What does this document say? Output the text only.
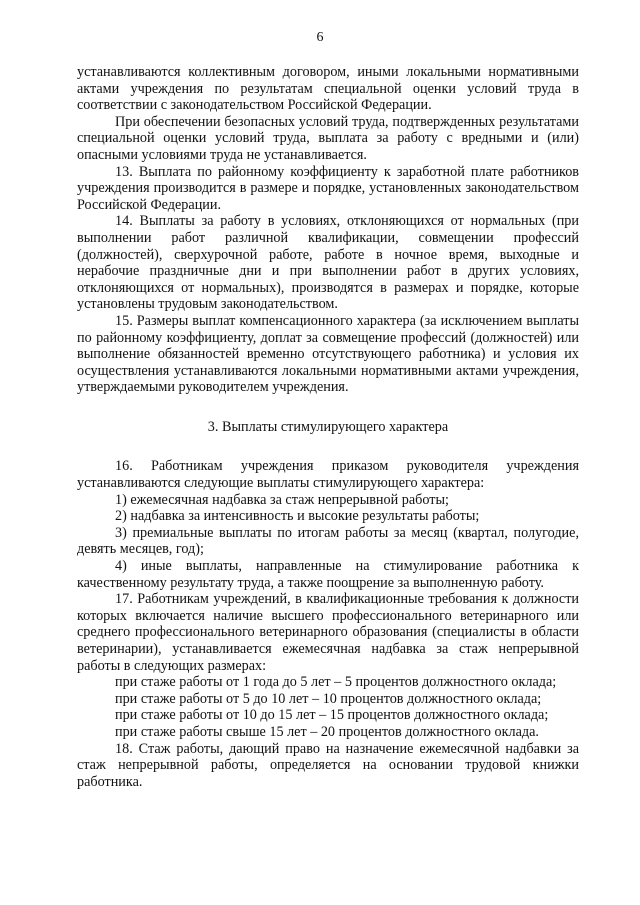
6

устанавливаются коллективным договором, иными локальными нормативными актами учреждения по результатам специальной оценки условий труда в соответствии с законодательством Российской Федерации.

При обеспечении безопасных условий труда, подтвержденных результатами специальной оценки условий труда, выплата за работу с вредными и (или) опасными условиями труда не устанавливается.

13. Выплата по районному коэффициенту к заработной плате работников учреждения производится в размере и порядке, установленных законодательством Российской Федерации.

14. Выплаты за работу в условиях, отклоняющихся от нормальных (при выполнении работ различной квалификации, совмещении профессий (должностей), сверхурочной работе, работе в ночное время, выходные и нерабочие праздничные дни и при выполнении работ в других условиях, отклоняющихся от нормальных), производятся в размерах и порядке, которые установлены трудовым законодательством.

15. Размеры выплат компенсационного характера (за исключением выплаты по районному коэффициенту, доплат за совмещение профессий (должностей) или выполнение обязанностей временно отсутствующего работника) и условия их осуществления устанавливаются локальными нормативными актами учреждения, утверждаемыми руководителем учреждения.

3. Выплаты стимулирующего характера

16. Работникам учреждения приказом руководителя учреждения устанавливаются следующие выплаты стимулирующего характера:

1) ежемесячная надбавка за стаж непрерывной работы;

2) надбавка за интенсивность и высокие результаты работы;

3) премиальные выплаты по итогам работы за месяц (квартал, полугодие, девять месяцев, год);

4) иные выплаты, направленные на стимулирование работника к качественному результату труда, а также поощрение за выполненную работу.

17. Работникам учреждений, в квалификационные требования к должности которых включается наличие высшего профессионального ветеринарного или среднего профессионального ветеринарного образования (специалисты в области ветеринарии), устанавливается ежемесячная надбавка за стаж непрерывной работы в следующих размерах:

при стаже работы от 1 года до 5 лет – 5 процентов должностного оклада;

при стаже работы от 5 до 10 лет – 10 процентов должностного оклада;

при стаже работы от 10 до 15 лет – 15 процентов должностного оклада;

при стаже работы свыше 15 лет – 20 процентов должностного оклада.

18. Стаж работы, дающий право на назначение ежемесячной надбавки за стаж непрерывной работы, определяется на основании трудовой книжки работника.
